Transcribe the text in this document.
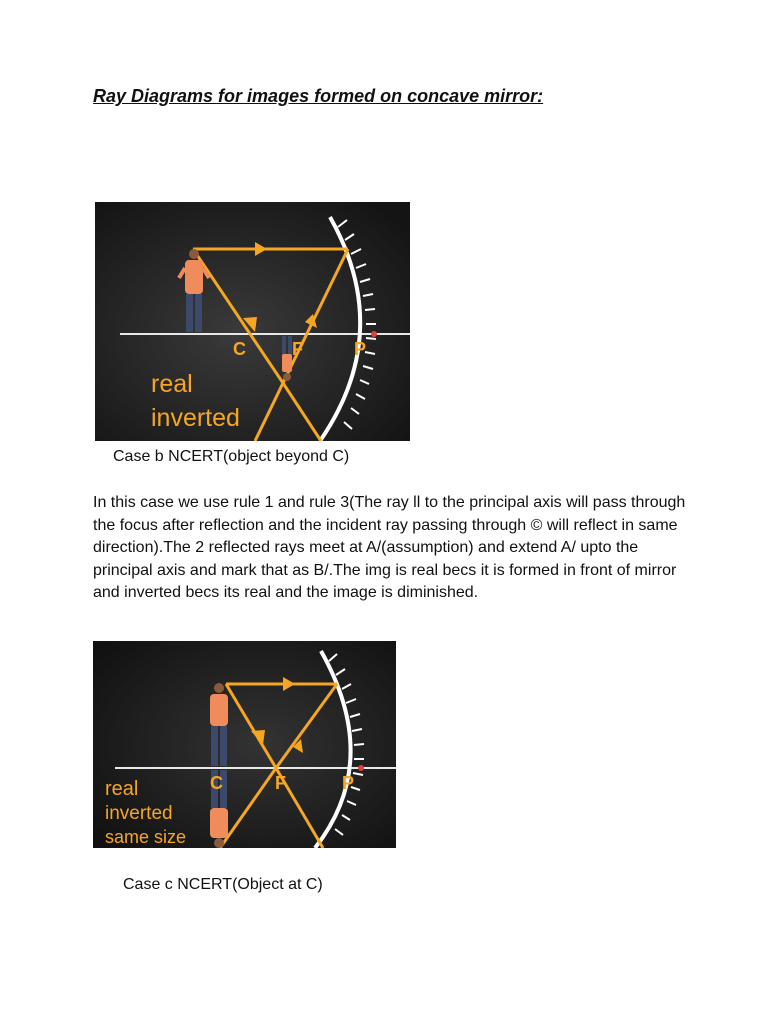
Ray Diagrams for images formed on concave mirror:
C	F	P
real
inverted
Case b NCERT(object beyond C)

In this case we use rule 1 and rule 3(The ray ll to the principal axis will pass through the focus after reflection and the incident ray passing through © will reflect in same direction).The 2 reflected rays meet at A/(assumption) and extend A/ upto the principal axis and mark that as B/.The img is real becs it is formed in front of mirror and inverted becs its real and the image is diminished.

C	F	P
real
inverted
same size
Case c NCERT(Object at C)
